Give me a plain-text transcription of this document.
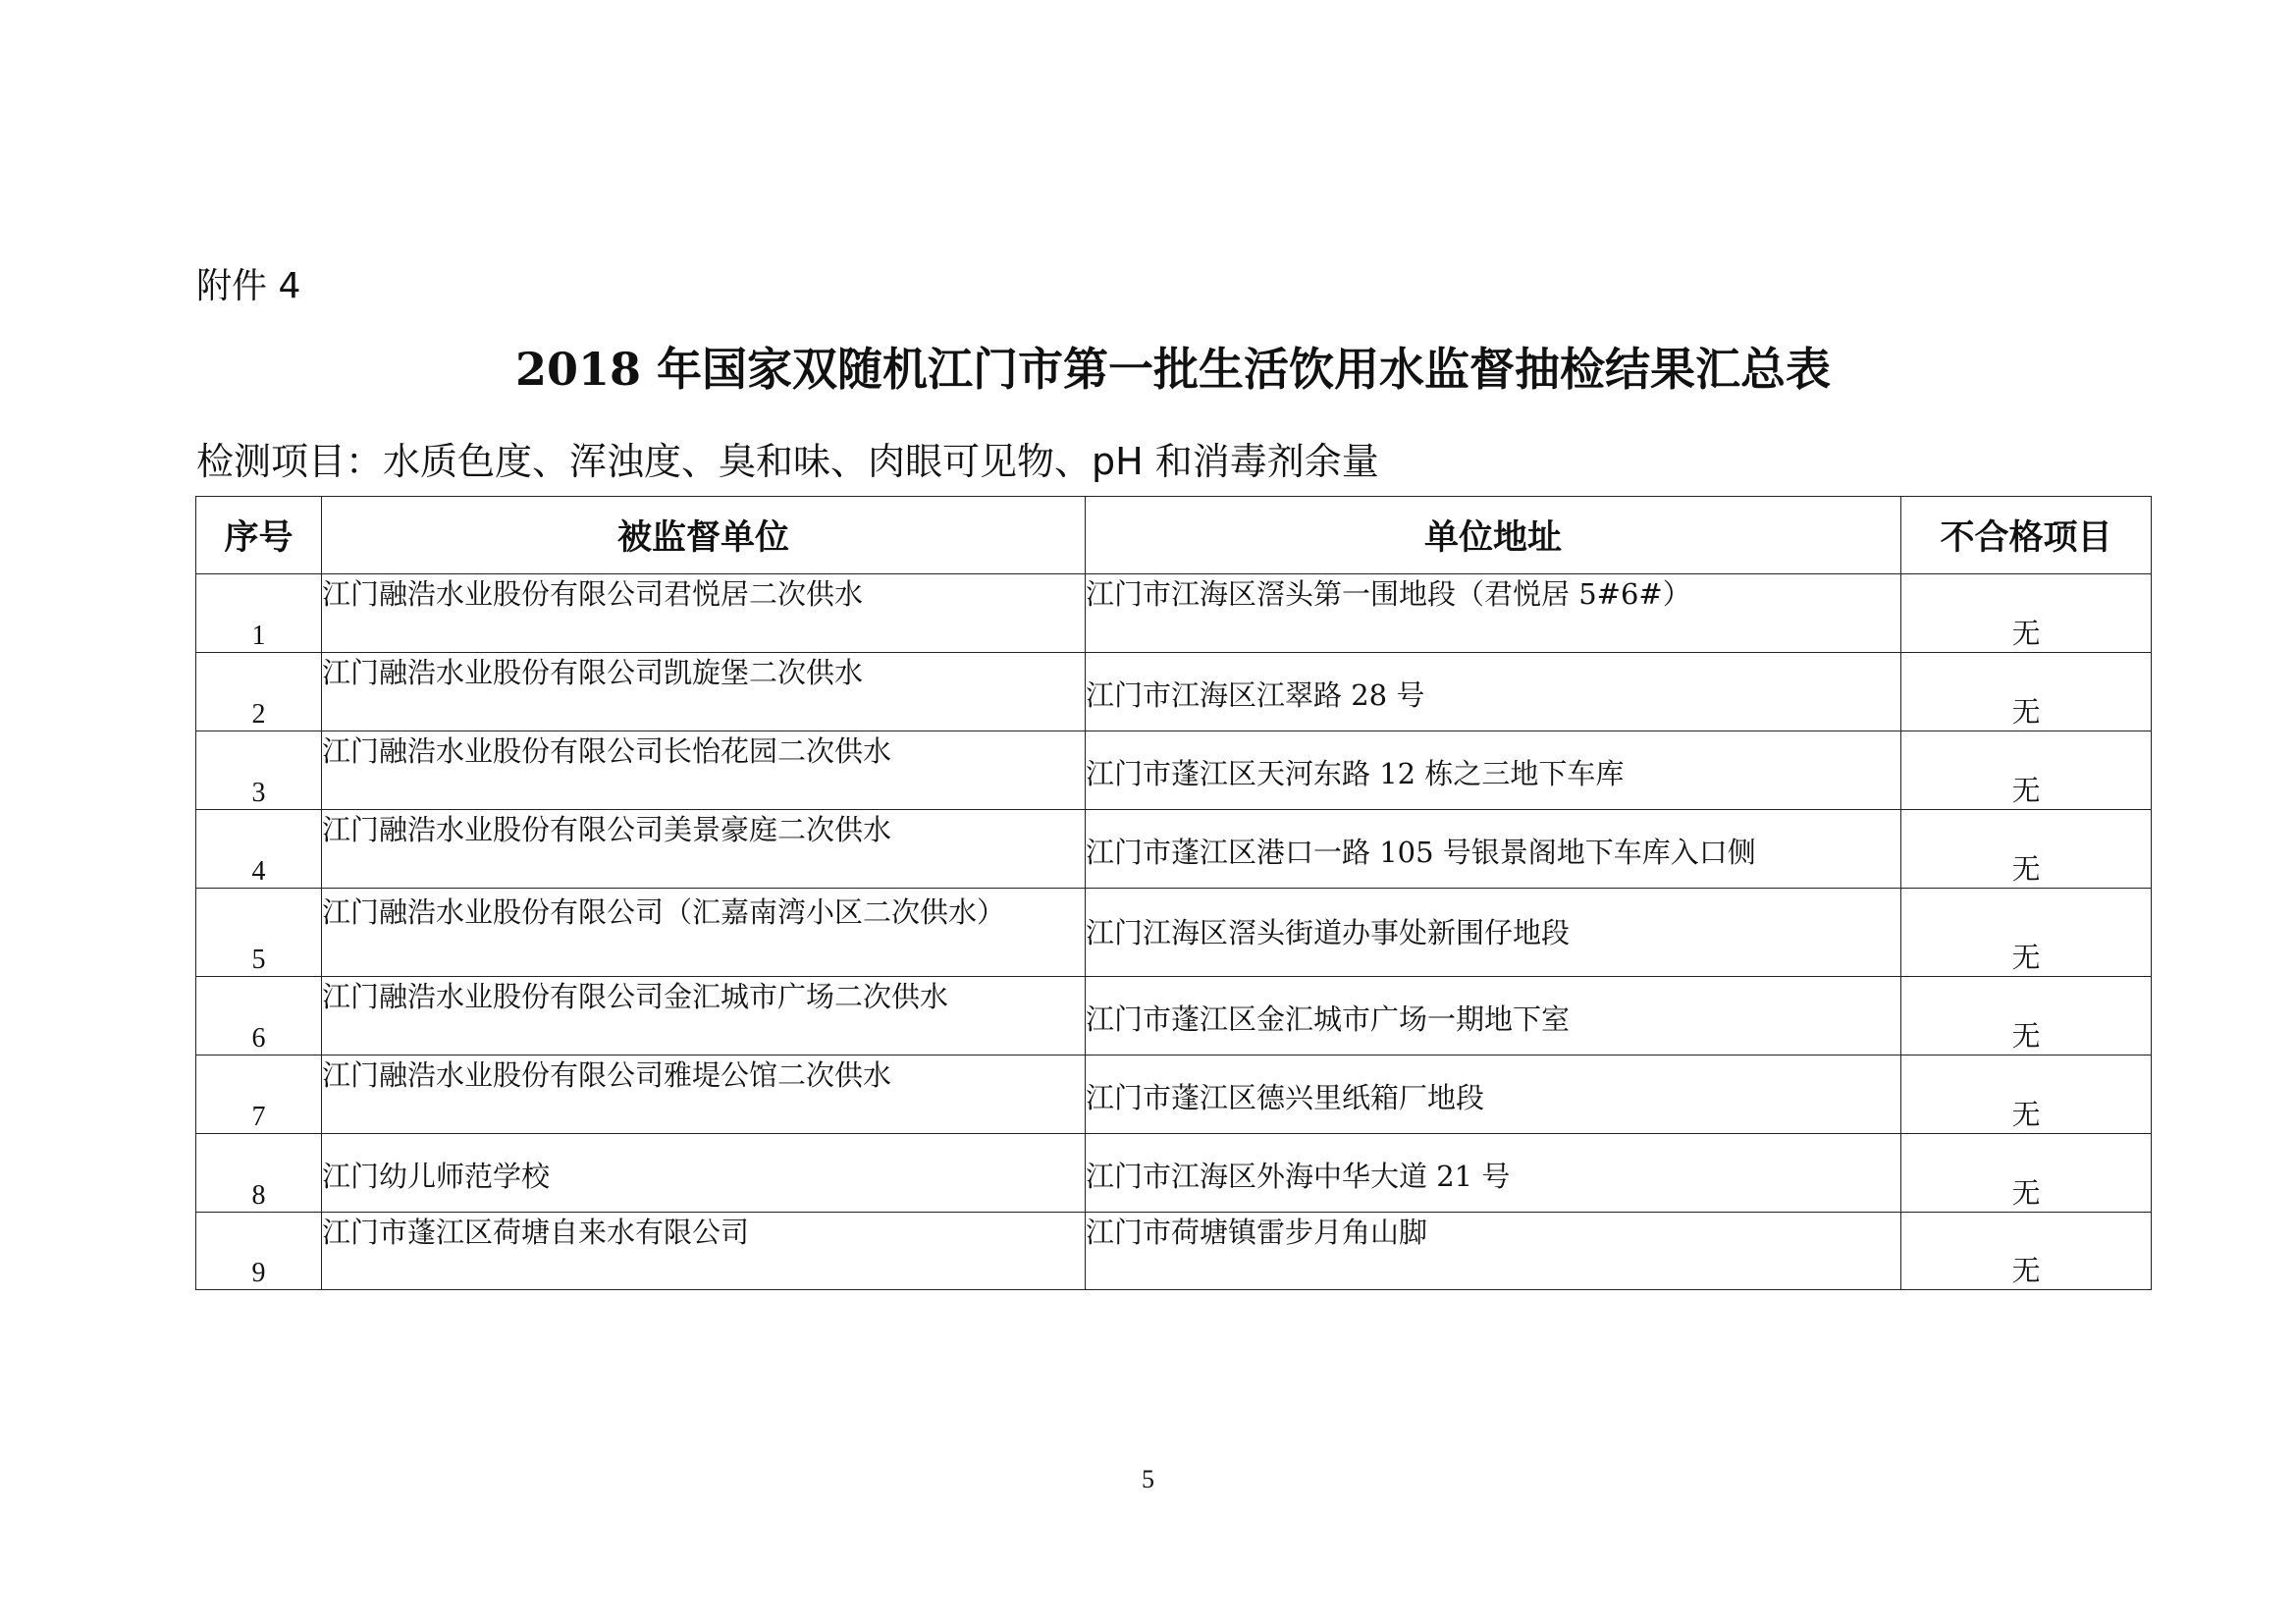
附件 4

2018 年国家双随机江门市第一批生活饮用水监督抽检结果汇总表

检测项目：水质色度、浑浊度、臭和味、肉眼可见物、pH 和消毒剂余量

序号	被监督单位	单位地址	不合格项目
1	江门融浩水业股份有限公司君悦居二次供水	江门市江海区滘头第一围地段（君悦居 5#6#）	无
2	江门融浩水业股份有限公司凯旋堡二次供水	江门市江海区江翠路 28 号	无
3	江门融浩水业股份有限公司长怡花园二次供水	江门市蓬江区天河东路 12 栋之三地下车库	无
4	江门融浩水业股份有限公司美景豪庭二次供水	江门市蓬江区港口一路 105 号银景阁地下车库入口侧	无
5	江门融浩水业股份有限公司（汇嘉南湾小区二次供水）	江门江海区滘头街道办事处新围仔地段	无
6	江门融浩水业股份有限公司金汇城市广场二次供水	江门市蓬江区金汇城市广场一期地下室	无
7	江门融浩水业股份有限公司雅堤公馆二次供水	江门市蓬江区德兴里纸箱厂地段	无
8	江门幼儿师范学校	江门市江海区外海中华大道 21 号	无
9	江门市蓬江区荷塘自来水有限公司	江门市荷塘镇雷步月角山脚	无

5
